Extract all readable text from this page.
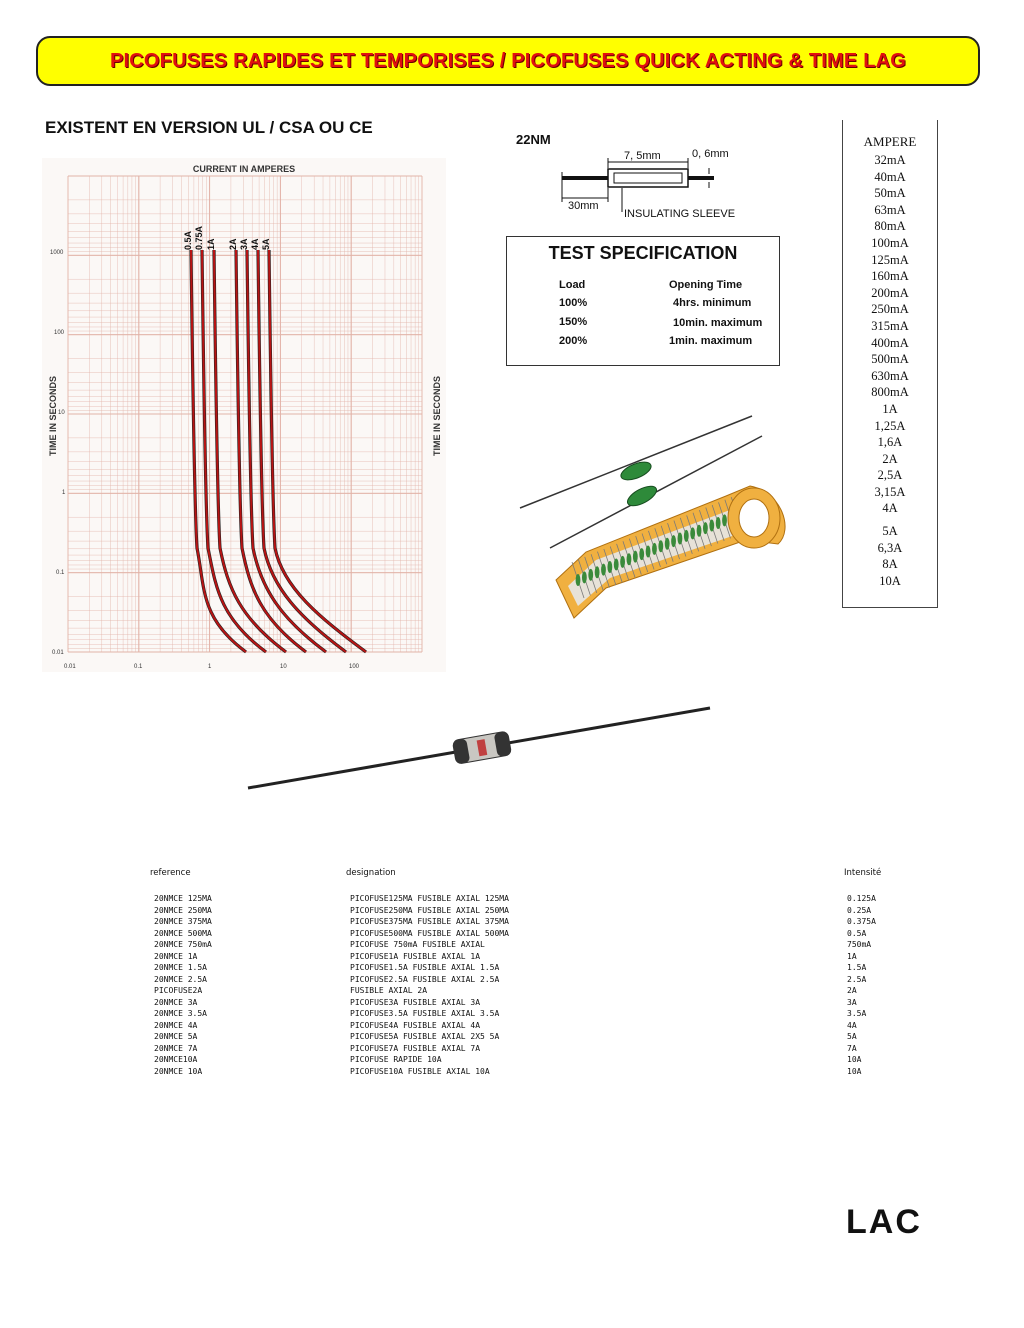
PICOFUSES RAPIDES ET TEMPORISES / PICOFUSES QUICK ACTING & TIME LAG
EXISTENT EN VERSION UL / CSA OU CE
CURRENT IN AMPERES
TIME IN SECONDS	TIME IN SECONDS
0.01	0.1	1	10	100
1000
100
10
1
0.1
0.01
0.5A 0.75A 1A 2A 3A 4A 5A
22NM
7, 5mm	0, 6mm
30mm
INSULATING SLEEVE
TEST SPECIFICATION
Load	Opening Time
100%	4hrs. minimum
150%	10min. maximum
200%	1min. maximum
AMPERE
32mA
40mA
50mA
63mA
80mA
100mA
125mA
160mA
200mA
250mA
315mA
400mA
500mA
630mA
800mA
1A
1,25A
1,6A
2A
2,5A
3,15A
4A
5A
6,3A
8A
10A
reference	designation	Intensité
20NMCE 125MA	PICOFUSE125MA FUSIBLE AXIAL 125MA	0.125A
20NMCE 250MA	PICOFUSE250MA FUSIBLE AXIAL 250MA	0.25A
20NMCE 375MA	PICOFUSE375MA FUSIBLE AXIAL 375MA	0.375A
20NMCE 500MA	PICOFUSE500MA FUSIBLE AXIAL 500MA	0.5A
20NMCE 750mA	PICOFUSE 750mA FUSIBLE AXIAL	750mA
20NMCE 1A	PICOFUSE1A FUSIBLE AXIAL 1A	1A
20NMCE 1.5A	PICOFUSE1.5A FUSIBLE AXIAL 1.5A	1.5A
20NMCE 2.5A	PICOFUSE2.5A FUSIBLE AXIAL 2.5A	2.5A
PICOFUSE2A	FUSIBLE AXIAL 2A	2A
20NMCE 3A	PICOFUSE3A FUSIBLE AXIAL 3A	3A
20NMCE 3.5A	PICOFUSE3.5A FUSIBLE AXIAL 3.5A	3.5A
20NMCE 4A	PICOFUSE4A FUSIBLE AXIAL 4A	4A
20NMCE 5A	PICOFUSE5A FUSIBLE AXIAL 2X5 5A	5A
20NMCE 7A	PICOFUSE7A FUSIBLE AXIAL 7A	7A
20NMCE10A	PICOFUSE RAPIDE 10A	10A
20NMCE 10A	PICOFUSE10A FUSIBLE AXIAL 10A	10A
LAC
